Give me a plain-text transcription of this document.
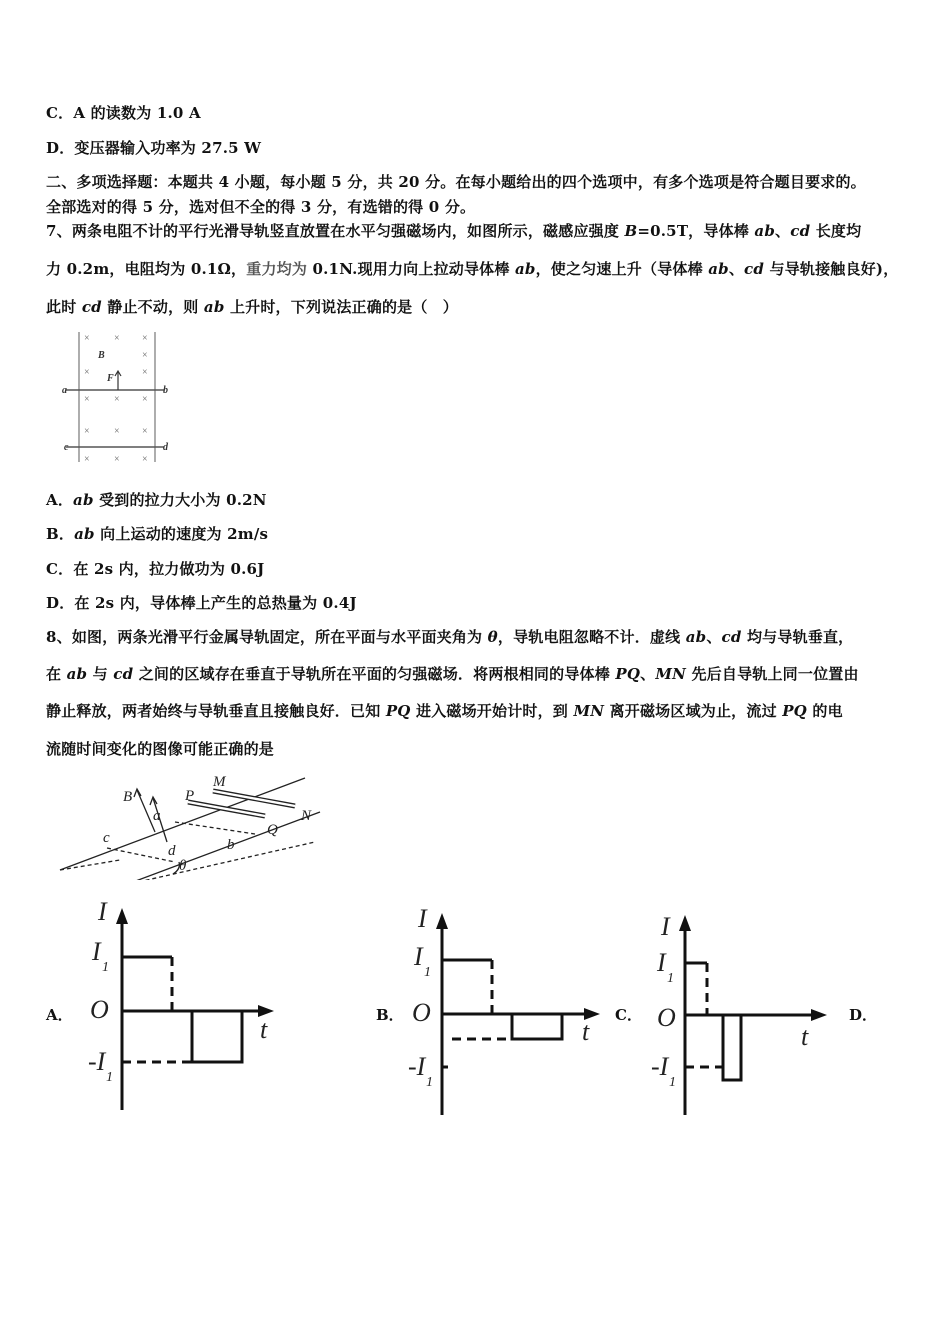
C．A 的读数为 1.0 A
D．变压器输入功率为 27.5 W
二、多项选择题：本题共 4 小题，每小题 5 分，共 20 分。在每小题给出的四个选项中，有多个选项是符合题目要求的。
全部选对的得 5 分，选对但不全的得 3 分，有选错的得 0 分。
7、两条电阻不计的平行光滑导轨竖直放置在水平匀强磁场内，如图所示，磁感应强度 B=0.5T，导体棒 ab、cd 长度均
力 0.2m，电阻均为 0.1Ω，重力均为 0.1N.现用力向上拉动导体棒 ab，使之匀速上升（导体棒 ab、cd 与导轨接触良好)，
此时 cd 静止不动，则 ab 上升时，下列说法正确的是（　）
× × ×
×
×	×
× × ×
× × ×
× × ×
B
F
a	b
c	d
A．ab 受到的拉力大小为 0.2N
B．ab 向上运动的速度为 2m/s
C．在 2s 内，拉力做功为 0.6J
D．在 2s 内，导体棒上产生的总热量为 0.4J
8、如图，两条光滑平行金属导轨固定，所在平面与水平面夹角为 θ，导轨电阻忽略不计．虚线 ab、cd 均与导轨垂直，
在 ab 与 cd 之间的区域存在垂直于导轨所在平面的匀强磁场．将两根相同的导体棒 PQ、MN 先后自导轨上同一位置由
静止释放，两者始终与导轨垂直且接触良好．已知 PQ 进入磁场开始计时，到 MN 离开磁场区域为止，流过 PQ 的电
流随时间变化的图像可能正确的是
B	P
M
N
Q
a
b
c
d
θ
A．	B．	C．	D．
I
I
1
O
t
-I
1
I
I
1
O
t
-I
1
I
I
1
O
t
-I
1
